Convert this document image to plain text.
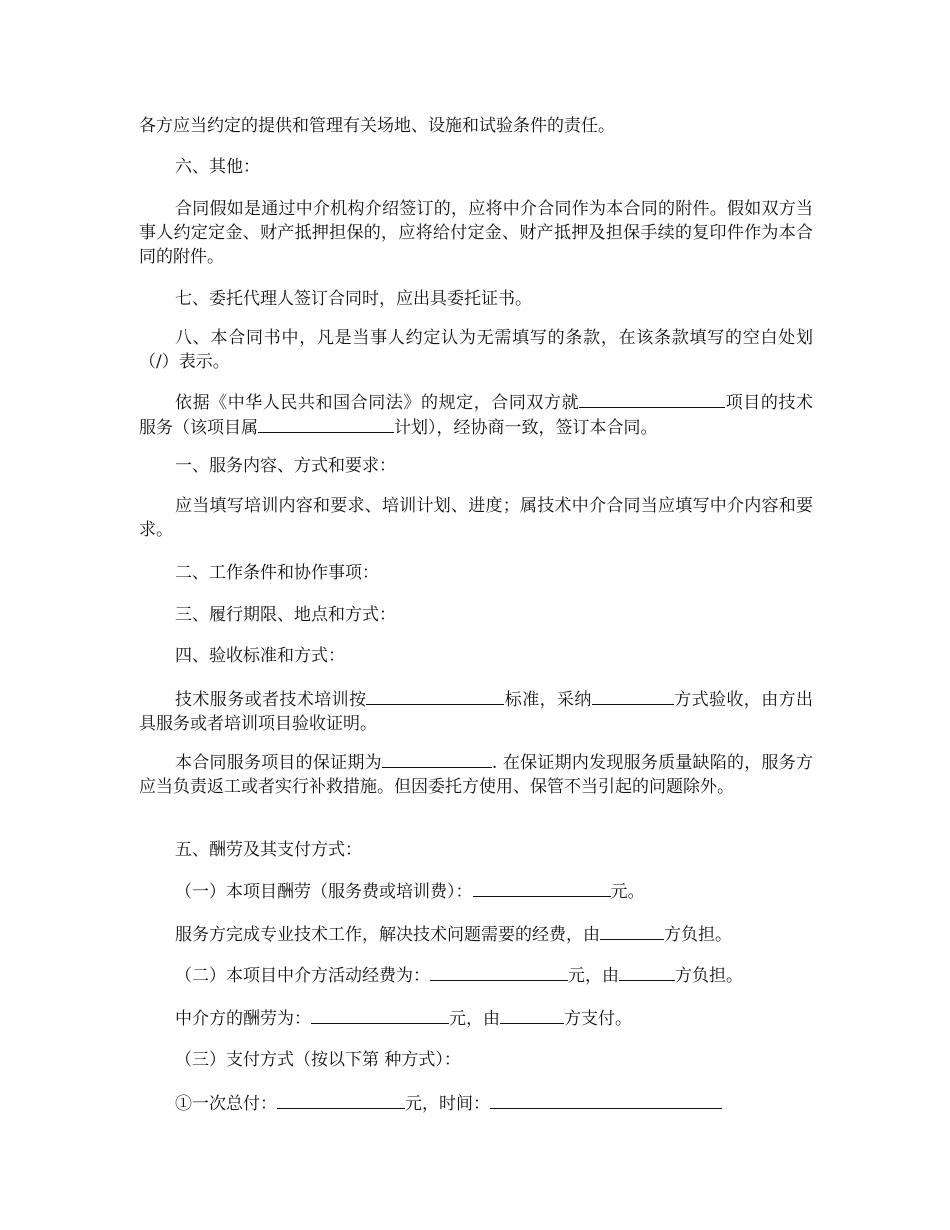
各方应当约定的提供和管理有关场地、设施和试验条件的责任。

六、其他：

合同假如是通过中介机构介绍签订的，应将中介合同作为本合同的附件。假如双方当事人约定定金、财产抵押担保的，应将给付定金、财产抵押及担保手续的复印件作为本合同的附件。

七、委托代理人签订合同时，应出具委托证书。

八、本合同书中，凡是当事人约定认为无需填写的条款，在该条款填写的空白处划（/）表示。

依据《中华人民共和国合同法》的规定，合同双方就	项目的技术服务（该项目属	计划），经协商一致，签订本合同。

一、服务内容、方式和要求：

应当填写培训内容和要求、培训计划、进度；属技术中介合同当应填写中介内容和要求。

二、工作条件和协作事项：

三、履行期限、地点和方式：

四、验收标准和方式：

技术服务或者技术培训按	标准，采纳	方式验收，由方出具服务或者培训项目验收证明。

本合同服务项目的保证期为	. 在保证期内发现服务质量缺陷的，服务方应当负责返工或者实行补救措施。但因委托方使用、保管不当引起的问题除外。

五、酬劳及其支付方式：

（一）本项目酬劳（服务费或培训费）：	元。

服务方完成专业技术工作，解决技术问题需要的经费，由	方负担。

（二）本项目中介方活动经费为：	元，由	方负担。

中介方的酬劳为：	元，由	方支付。

（三）支付方式（按以下第 种方式）：

①一次总付：	元，时间：
